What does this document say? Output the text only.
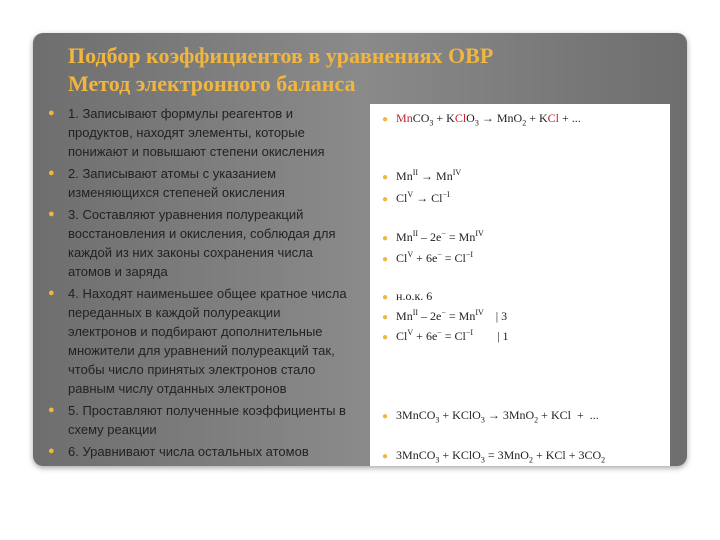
Подбор коэффициентов в уравнениях ОВР
Метод электронного баланса
● 1. Записывают формулы реагентов и продуктов, находят элементы, которые понижают и повышают степени окисления
● 2. Записывают атомы с указанием изменяющихся степеней окисления
● 3. Составляют уравнения полуреакций восстановления и окисления, соблюдая для каждой из них законы сохранения числа атомов и заряда
● 4. Находят наименьшее общее кратное числа переданных в каждой полуреакции электронов и подбирают дополнительные множители для уравнений полуреакций так, чтобы число принятых электронов стало равным числу отданных электронов
● 5. Проставляют полученные коэффициенты в схему реакции
● 6. Уравнивают числа остальных атомов
● MnCO$_3$ + KClO$_3$ → MnO$_2$ + KCl + ...
● $Mn^{II} \to Mn^{IV}$
● $Cl^V \to Cl^{-I}$
● $Mn^{II} - 2e^- = Mn^{IV}$
● $Cl^V + 6e^- = Cl^{-I}$
● н.о.к. 6
● $Mn^{II} - 2e^- = Mn^{IV}$    | 3
● $Cl^V + 6e^- = Cl^{-I}$        | 1
● 3MnCO$_3$ + KClO$_3$ → 3MnO$_2$ + KCl  +  ...
● 3MnCO$_3$ + KClO$_3$ = 3MnO$_2$ + KCl + $3CO_2$
